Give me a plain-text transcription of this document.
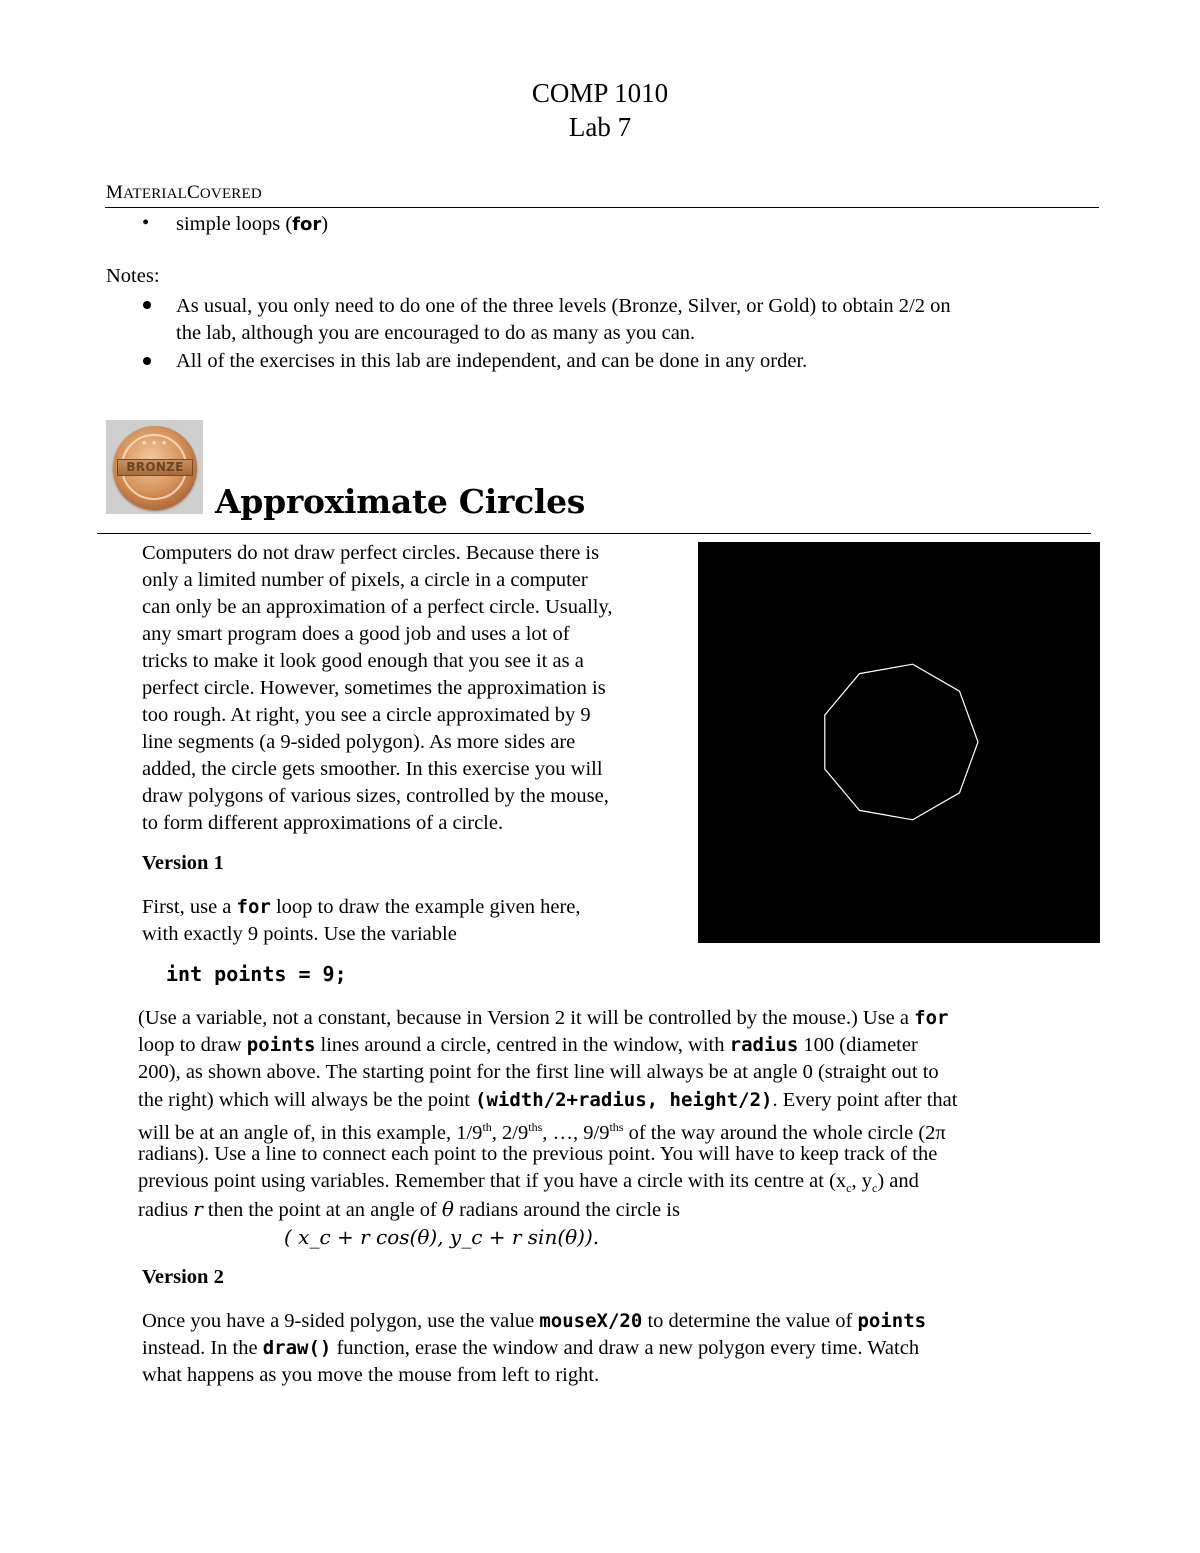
COMP 1010
Lab 7
MATERIALCOVERED
• simple loops (for)
Notes:
As usual, you only need to do one of the three levels (Bronze, Silver, or Gold) to obtain 2/2 on
the lab, although you are encouraged to do as many as you can.
All of the exercises in this lab are independent, and can be done in any order.
★ ★ ★
BRONZE
Approximate Circles
Computers do not draw perfect circles. Because there is
only a limited number of pixels, a circle in a computer
can only be an approximation of a perfect circle. Usually,
any smart program does a good job and uses a lot of
tricks to make it look good enough that you see it as a
perfect circle. However, sometimes the approximation is
too rough. At right, you see a circle approximated by 9
line segments (a 9-sided polygon). As more sides are
added, the circle gets smoother. In this exercise you will
draw polygons of various sizes, controlled by the mouse,
to form different approximations of a circle.
Version 1
First, use a for loop to draw the example given here,
with exactly 9 points. Use the variable
int points = 9;
(Use a variable, not a constant, because in Version 2 it will be controlled by the mouse.) Use a for
loop to draw points lines around a circle, centred in the window, with radius 100 (diameter
200), as shown above. The starting point for the first line will always be at angle 0 (straight out to
the right) which will always be the point (width/2+radius, height/2). Every point after that
will be at an angle of, in this example, 1/9th, $2/9^{ths}$, …, $9/9^{ths}$ of the way around the whole circle (2π
radians). Use a line to connect each point to the previous point. You will have to keep track of the
previous point using variables. Remember that if you have a circle with its centre at ($x_c$, $y_c$) and
radius r then the point at an angle of θ radians around the circle is
( x_c + r cos(θ), y_c + r sin(θ)).
Version 2
Once you have a 9-sided polygon, use the value mouseX/20 to determine the value of points
instead. In the draw() function, erase the window and draw a new polygon every time. Watch
what happens as you move the mouse from left to right.
